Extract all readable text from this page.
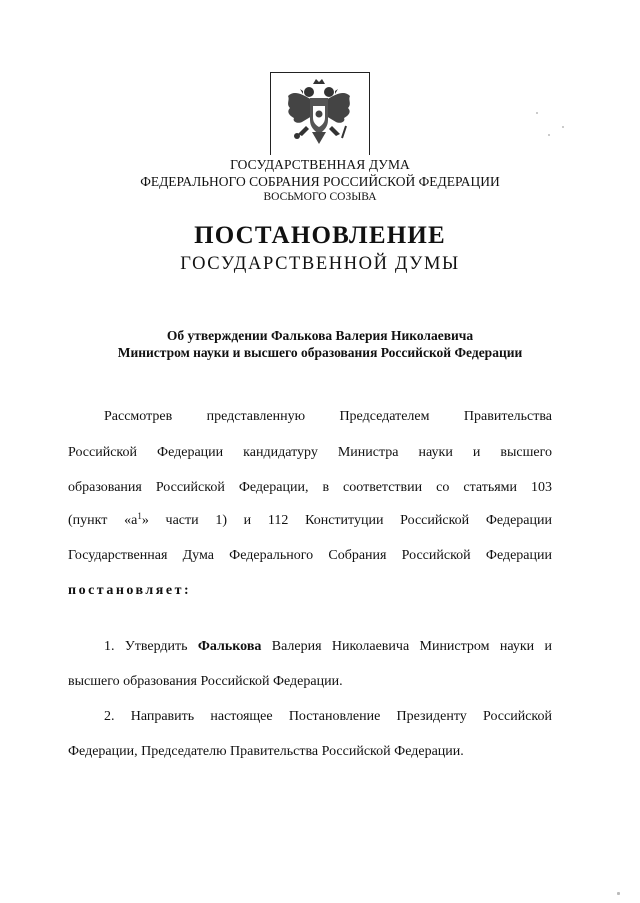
ГОСУДАРСТВЕННАЯ ДУМА
ФЕДЕРАЛЬНОГО СОБРАНИЯ РОССИЙСКОЙ ФЕДЕРАЦИИ
ВОСЬМОГО СОЗЫВА
ПОСТАНОВЛЕНИЕ
ГОСУДАРСТВЕННОЙ ДУМЫ
Об утверждении Фалькова Валерия Николаевича
Министром науки и высшего образования Российской Федерации
Рассмотрев представленную Председателем Правительства
Российской Федерации кандидатуру Министра науки и высшего
образования Российской Федерации, в соответствии со статьями 103
(пункт «$а^1$» части 1) и 112 Конституции Российской Федерации
Государственная Дума Федерального Собрания Российской Федерации
постановляет:
1. Утвердить Фалькова Валерия Николаевича Министром науки и
высшего образования Российской Федерации.
2. Направить настоящее Постановление Президенту Российской
Федерации, Председателю Правительства Российской Федерации.
